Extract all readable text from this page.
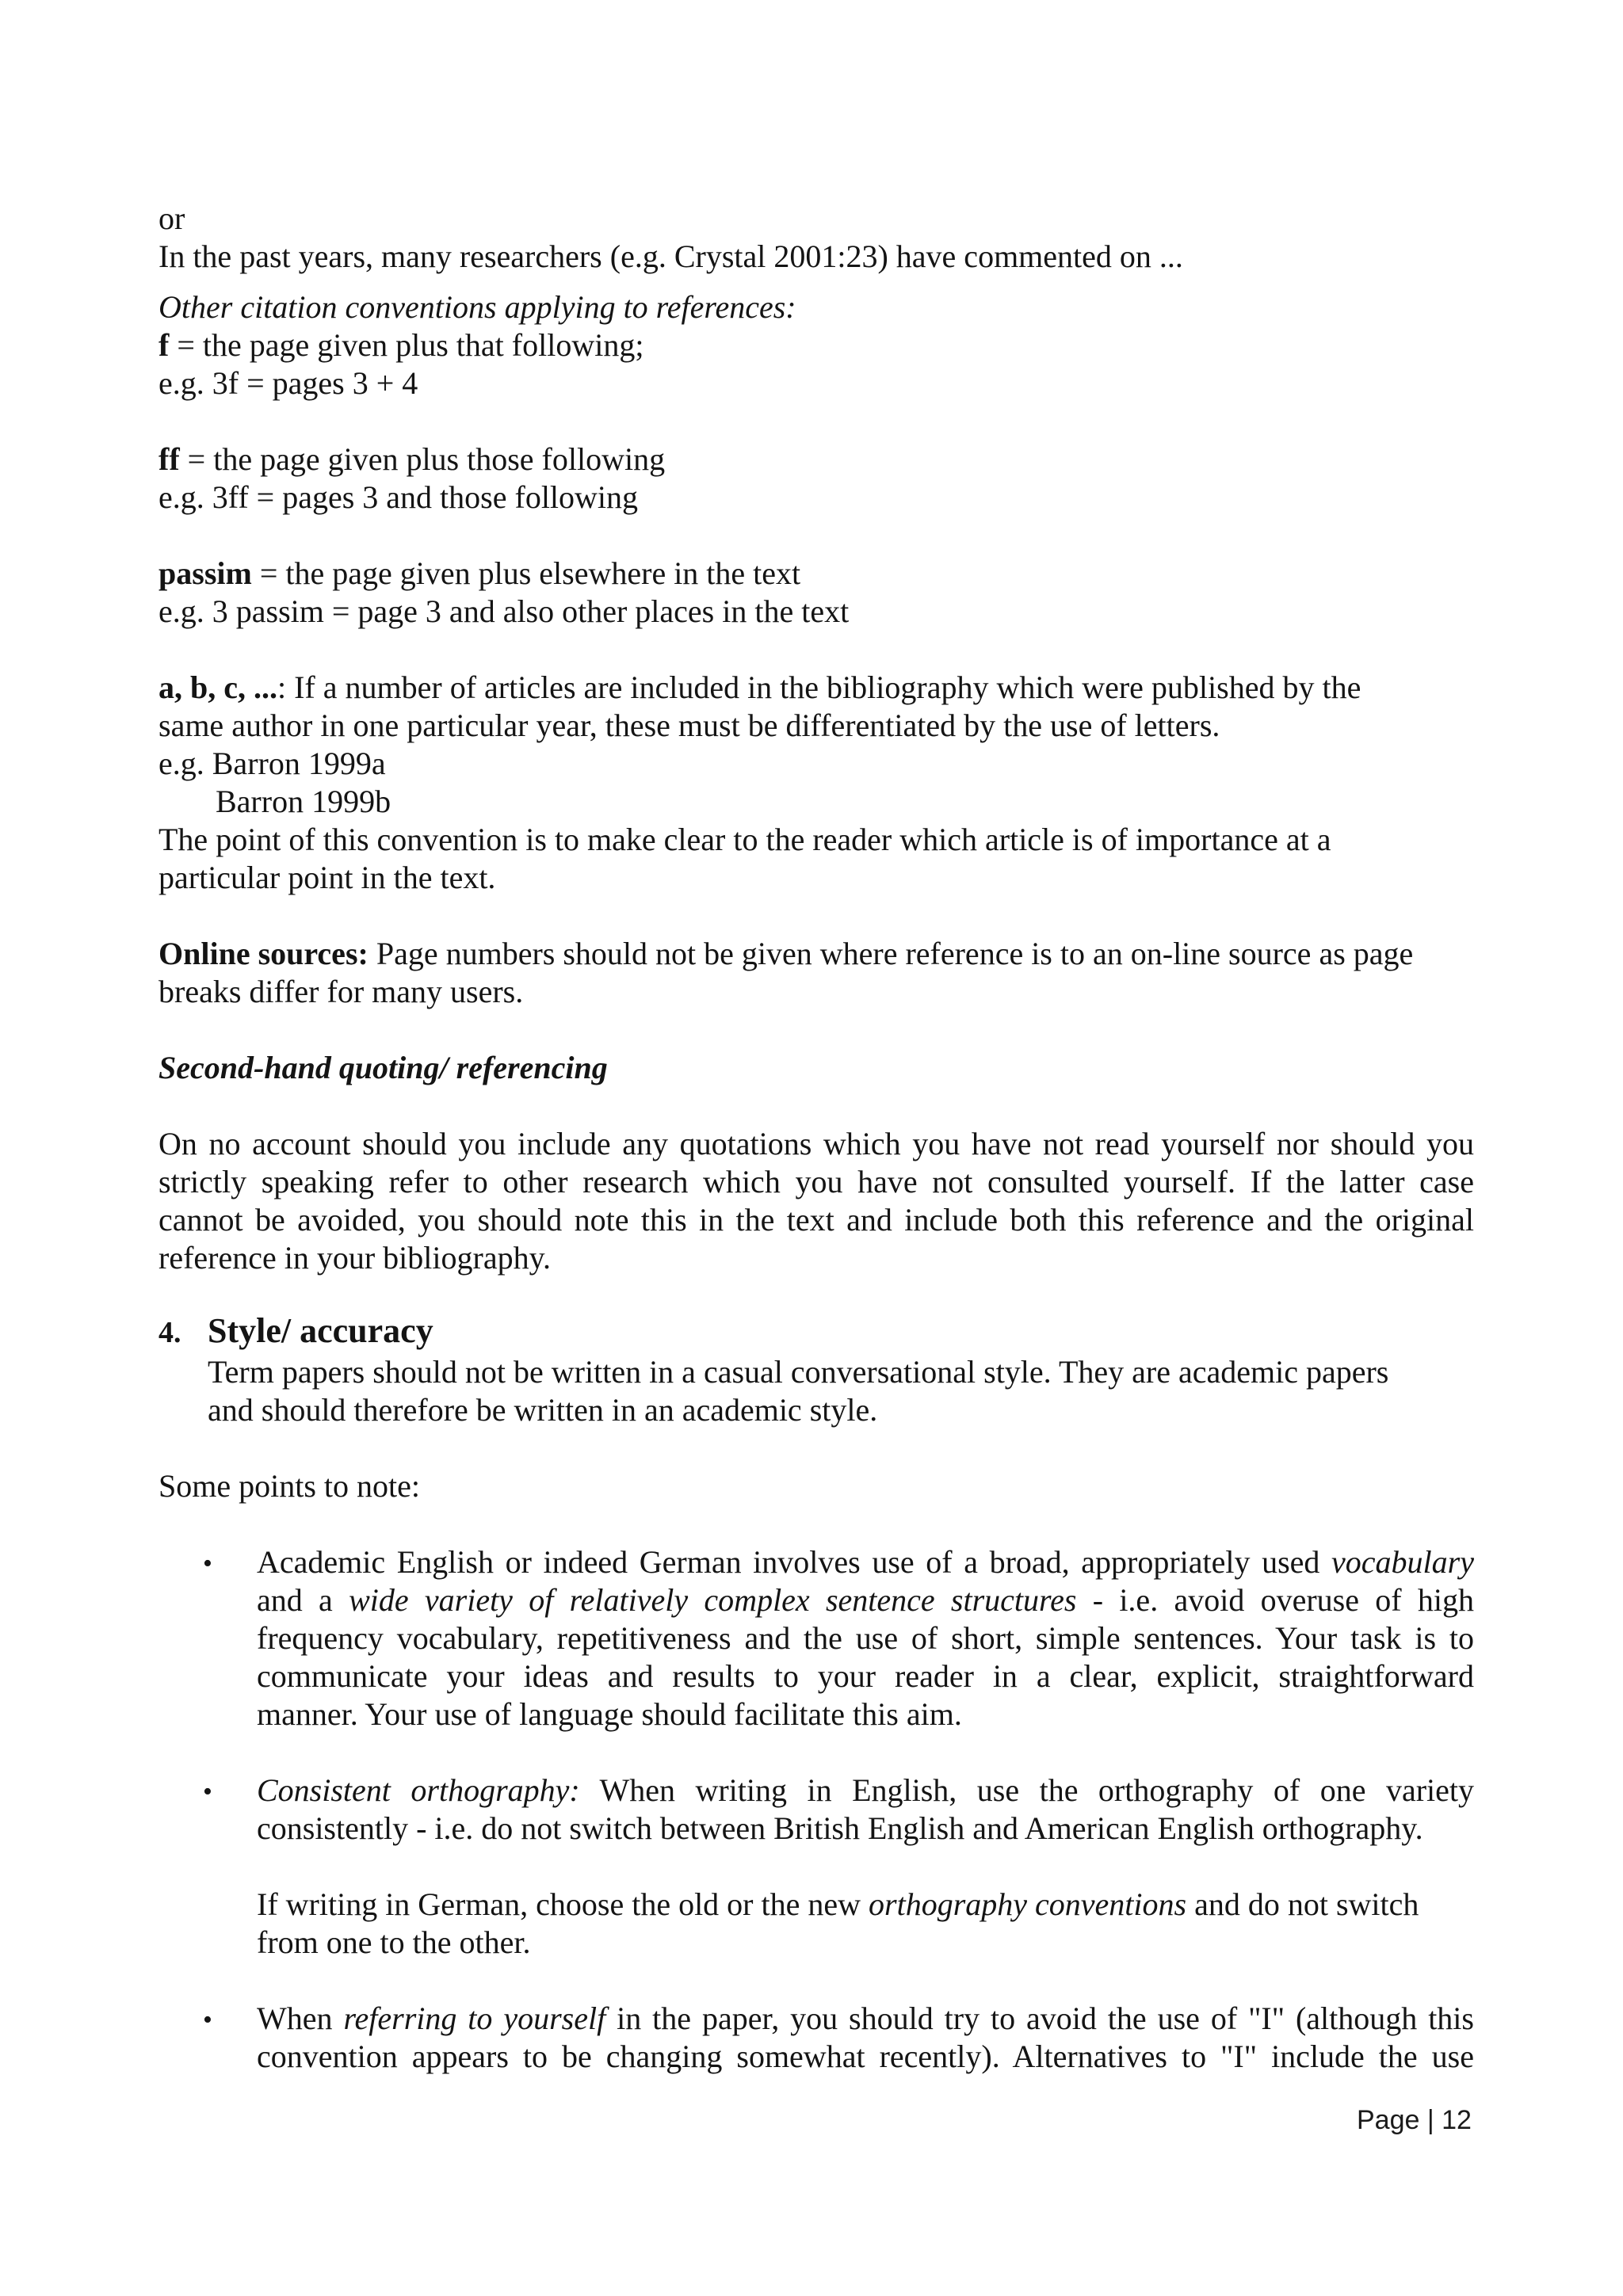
or
In the past years, many researchers (e.g. Crystal 2001:23) have commented on ...
Other citation conventions applying to references:
f = the page given plus that following;
e.g. 3f = pages 3 + 4
ff = the page given plus those following
e.g. 3ff = pages 3 and those following
passim = the page given plus elsewhere in the text
e.g. 3 passim = page 3 and also other places in the text
a, b, c, ...: If a number of articles are included in the bibliography which were published by the
same author in one particular year, these must be differentiated by the use of letters.
e.g. Barron 1999a
Barron 1999b
The point of this convention is to make clear to the reader which article is of importance at a
particular point in the text.
Online sources: Page numbers should not be given where reference is to an on-line source as page
breaks differ for many users.
Second-hand quoting/ referencing
On no account should you include any quotations which you have not read yourself nor should you
strictly speaking refer to other research which you have not consulted yourself. If the latter case
cannot be avoided, you should note this in the text and include both this reference and the original
reference in your bibliography.
4. Style/ accuracy
Term papers should not be written in a casual conversational style. They are academic papers
and should therefore be written in an academic style.
Some points to note:
• Academic English or indeed German involves use of a broad, appropriately used vocabulary
and a wide variety of relatively complex sentence structures - i.e. avoid overuse of high
frequency vocabulary, repetitiveness and the use of short, simple sentences. Your task is to
communicate your ideas and results to your reader in a clear, explicit, straightforward
manner. Your use of language should facilitate this aim.
• Consistent orthography: When writing in English, use the orthography of one variety
consistently - i.e. do not switch between British English and American English orthography.
If writing in German, choose the old or the new orthography conventions and do not switch
from one to the other.
• When referring to yourself in the paper, you should try to avoid the use of "I" (although this
convention appears to be changing somewhat recently). Alternatives to "I" include the use
Page | 12
